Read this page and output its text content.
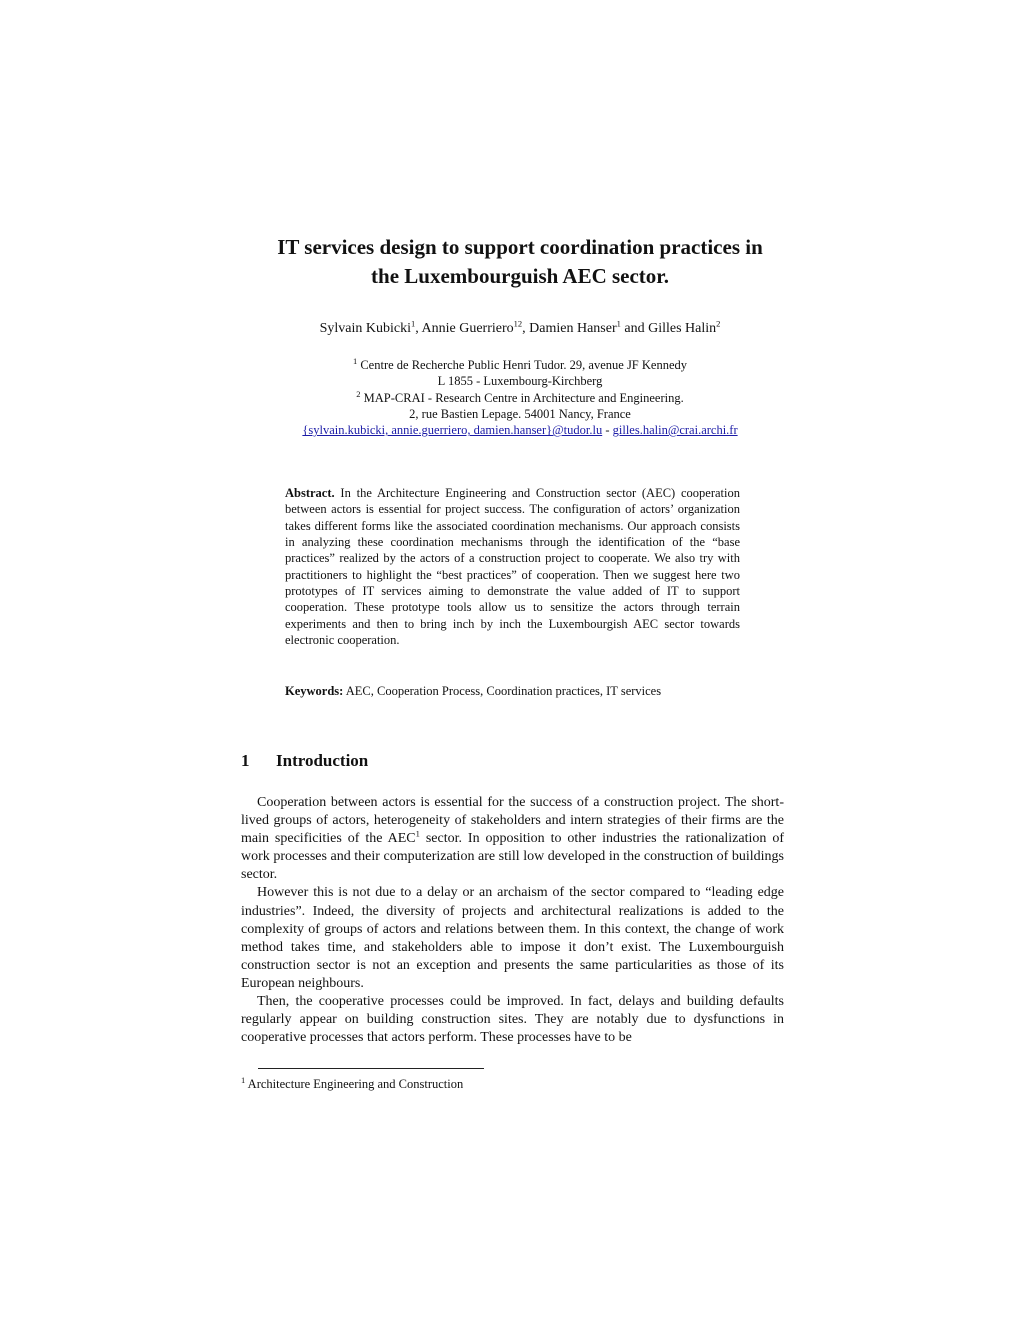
IT services design to support coordination practices in
the Luxembourguish AEC sector.
Sylvain Kubicki$^1$, Annie Guerriero$^{12}$, Damien Hanser$^1$ and Gilles Halin$^2$
$^1$ Centre de Recherche Public Henri Tudor. 29, avenue JF Kennedy
L 1855 - Luxembourg-Kirchberg
$^2$ MAP-CRAI - Research Centre in Architecture and Engineering.
2, rue Bastien Lepage. 54001 Nancy, France
{sylvain.kubicki, annie.guerriero, damien.hanser}@tudor.lu - gilles.halin@crai.archi.fr
Abstract. In the Architecture Engineering and Construction sector (AEC) cooperation between actors is essential for project success. The configuration of actors’ organization takes different forms like the associated coordination mechanisms. Our approach consists in analyzing these coordination mechanisms through the identification of the “base practices” realized by the actors of a construction project to cooperate. We also try with practitioners to highlight the “best practices” of cooperation. Then we suggest here two prototypes of IT services aiming to demonstrate the value added of IT to support cooperation. These prototype tools allow us to sensitize the actors through terrain experiments and then to bring inch by inch the Luxembourgish AEC sector towards electronic cooperation.
Keywords: AEC, Cooperation Process, Coordination practices, IT services
1 Introduction

Cooperation between actors is essential for the success of a construction project. The short-lived groups of actors, heterogeneity of stakeholders and intern strategies of their firms are the main specificities of the AEC$^1$ sector. In opposition to other industries the rationalization of work processes and their computerization are still low developed in the construction of buildings sector.

However this is not due to a delay or an archaism of the sector compared to “leading edge industries”. Indeed, the diversity of projects and architectural realizations is added to the complexity of groups of actors and relations between them. In this context, the change of work method takes time, and stakeholders able to impose it don’t exist. The Luxembourguish construction sector is not an exception and presents the same particularities as those of its European neighbours.

Then, the cooperative processes could be improved. In fact, delays and building defaults regularly appear on building construction sites. They are notably due to dysfunctions in cooperative processes that actors perform. These processes have to be

$^1$ Architecture Engineering and Construction
